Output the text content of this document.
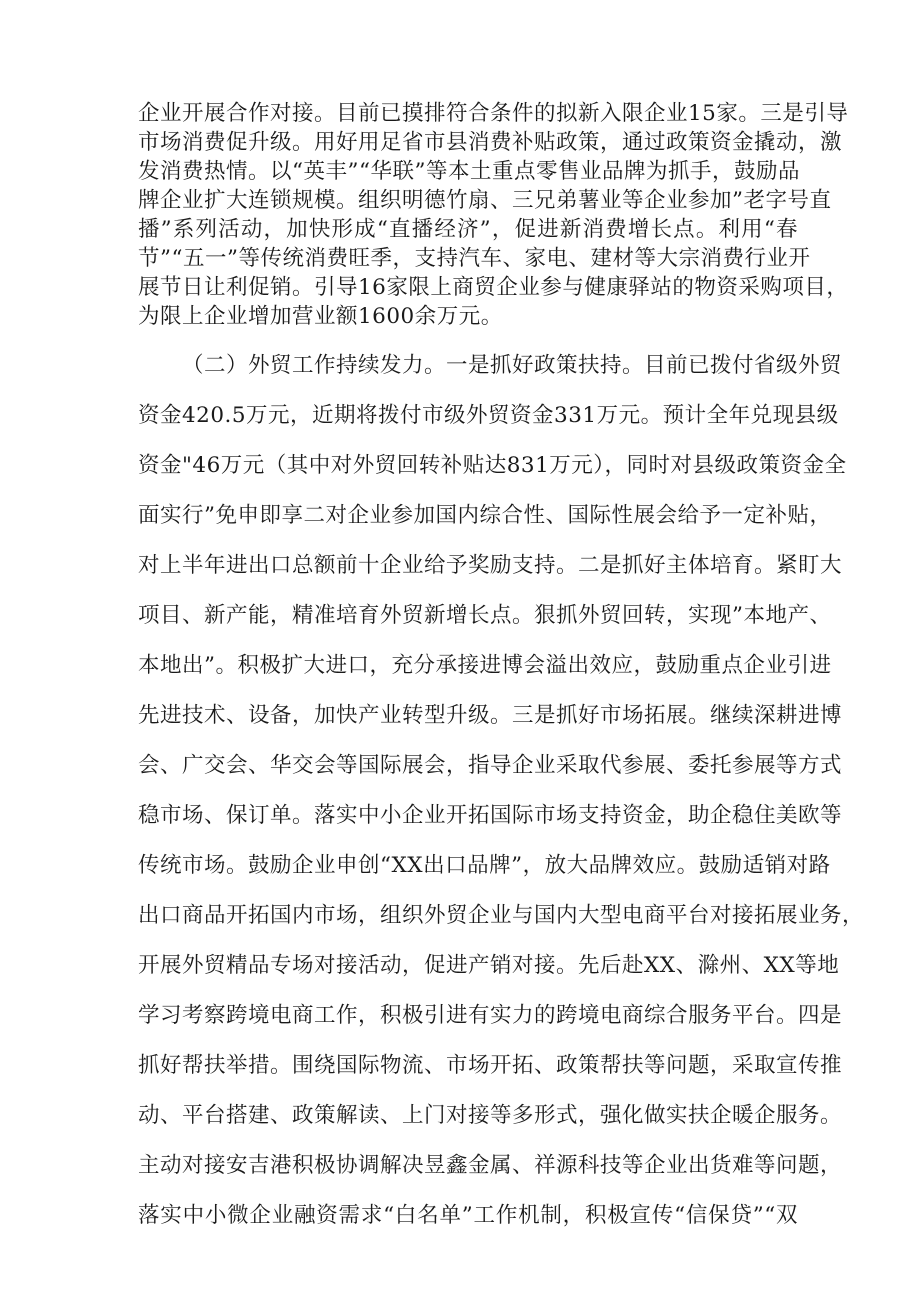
企业开展合作对接。目前已摸排符合条件的拟新入限企业15家。三是引导
市场消费促升级。用好用足省市县消费补贴政策，通过政策资金撬动，激
发消费热情。以“英丰”“华联”等本土重点零售业品牌为抓手，鼓励品
牌企业扩大连锁规模。组织明德竹扇、三兄弟薯业等企业参加”老字号直
播”系列活动，加快形成“直播经济”，促进新消费增长点。利用“春
节”“五一”等传统消费旺季，支持汽车、家电、建材等大宗消费行业开
展节日让利促销。引导16家限上商贸企业参与健康驿站的物资采购项目，
为限上企业增加营业额1600余万元。
（二）外贸工作持续发力。一是抓好政策扶持。目前已拨付省级外贸
资金420.5万元，近期将拨付市级外贸资金331万元。预计全年兑现县级
资金"46万元（其中对外贸回转补贴达831万元），同时对县级政策资金全
面实行”免申即享二对企业参加国内综合性、国际性展会给予一定补贴，
对上半年进出口总额前十企业给予奖励支持。二是抓好主体培育。紧盯大
项目、新产能，精准培育外贸新增长点。狠抓外贸回转，实现”本地产、
本地出”。积极扩大进口，充分承接进博会溢出效应，鼓励重点企业引进
先进技术、设备，加快产业转型升级。三是抓好市场拓展。继续深耕进博
会、广交会、华交会等国际展会，指导企业采取代参展、委托参展等方式
稳市场、保订单。落实中小企业开拓国际市场支持资金，助企稳住美欧等
传统市场。鼓励企业申创“XX出口品牌”，放大品牌效应。鼓励适销对路
出口商品开拓国内市场，组织外贸企业与国内大型电商平台对接拓展业务，
开展外贸精品专场对接活动，促进产销对接。先后赴XX、滁州、XX等地
学习考察跨境电商工作，积极引进有实力的跨境电商综合服务平台。四是
抓好帮扶举措。围绕国际物流、市场开拓、政策帮扶等问题，采取宣传推
动、平台搭建、政策解读、上门对接等多形式，强化做实扶企暖企服务。
主动对接安吉港积极协调解决昱鑫金属、祥源科技等企业出货难等问题，
落实中小微企业融资需求“白名单”工作机制，积极宣传“信保贷”“双
